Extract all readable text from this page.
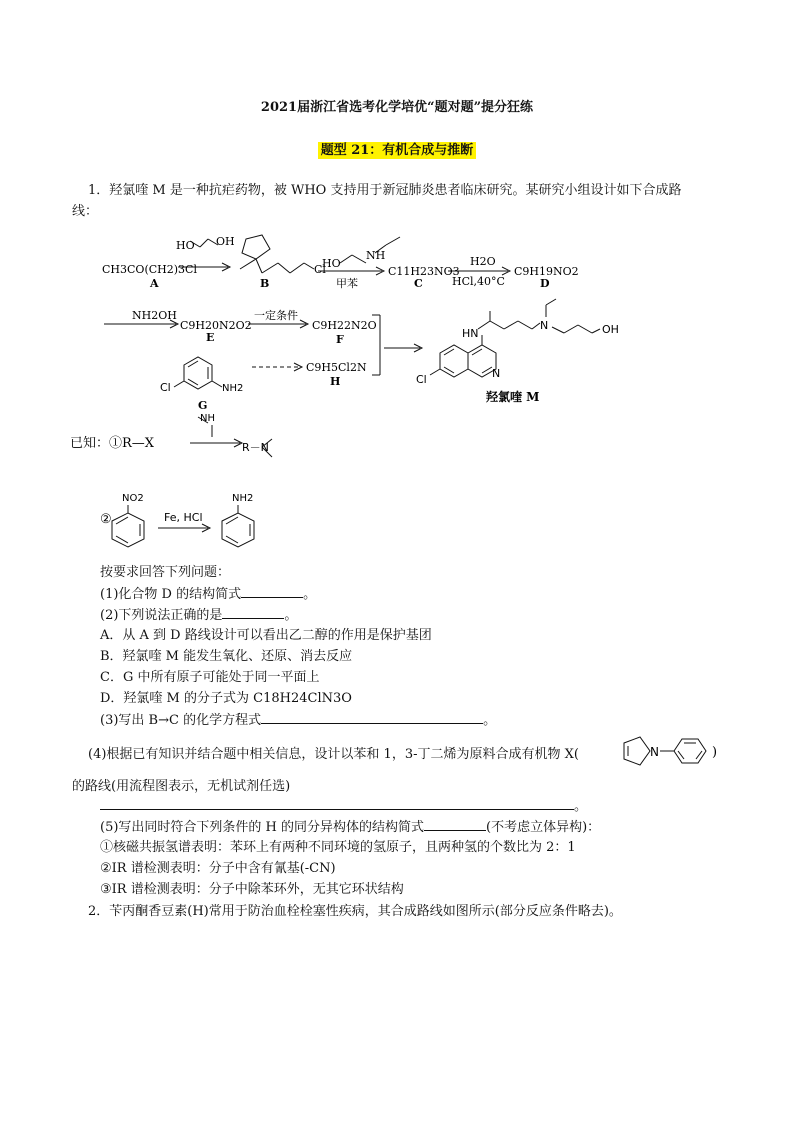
2021届浙江省选考化学培优“题对题”提分狂练
题型 21：有机合成与推断
1．羟氯喹 M 是一种抗疟药物，被 WHO 支持用于新冠肺炎患者临床研究。某研究小组设计如下合成路
线：
HO OH
CH3CO(CH2)3Cl
A	B
Cl
HO
NH
甲苯
C11H23NO3
C
H2O
HCl,40°C
C9H19NO2
D
NH2OH
C9H20N2O2
E
一定条件
C9H22N2O
F
Cl	NH2
G
C9H5Cl2N
H
HN
N	OH
Cl	N
羟氯喹 M
已知：①R—X
NH
R－N
NO2
②	Fe, HCl
NH2
按要求回答下列问题：
(1)化合物 D 的结构简式	。
(2)下列说法正确的是	。
A．从 A 到 D 路线设计可以看出乙二醇的作用是保护基团
B．羟氯喹 M 能发生氧化、还原、消去反应
C．G 中所有原子可能处于同一平面上
D．羟氯喹 M 的分子式为 C18H24ClN3O
(3)写出 B→C 的化学方程式	。
(4)根据已有知识并结合题中相关信息，设计以苯和 1，3-丁二烯为原料合成有机物 X(	N	)
的路线(用流程图表示，无机试剂任选)
。
(5)写出同时符合下列条件的 H 的同分异构体的结构简式	(不考虑立体异构)：
①核磁共振氢谱表明：苯环上有两种不同环境的氢原子，且两种氢的个数比为 2：1
②IR 谱检测表明：分子中含有氰基(-CN)
③IR 谱检测表明：分子中除苯环外，无其它环状结构
2．苄丙酮香豆素(H)常用于防治血栓栓塞性疾病，其合成路线如图所示(部分反应条件略去)。
